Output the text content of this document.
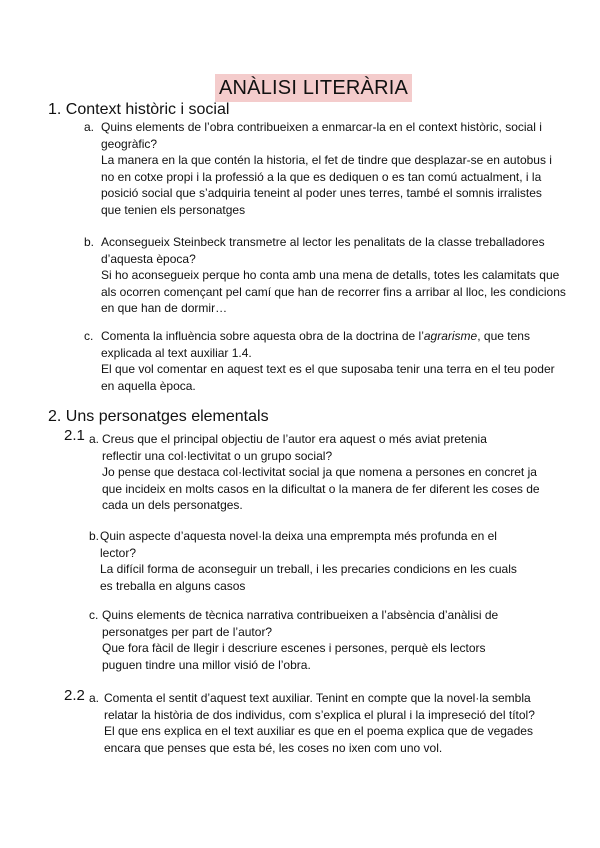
ANÀLISI LITERÀRIA
1. Context històric i social
a. Quins elements de l’obra contribueixen a enmarcar-la en el context històric, social i
geogràfic?
La manera en la que contén la historia, el fet de tindre que desplazar-se en autobus i
no en cotxe propi i la professió a la que es dediquen o es tan comú actualment, i la
posició social que s’adquiria teneint al poder unes terres, també el somnis irralistes
que tenien els personatges
b. Aconsegueix Steinbeck transmetre al lector les penalitats de la classe treballadores
d’aquesta època?
Si ho aconsegueix perque ho conta amb una mena de detalls, totes les calamitats que
als ocorren començant pel camí que han de recorrer fins a arribar al lloc, les condicions
en que han de dormir…
c. Comenta la influència sobre aquesta obra de la doctrina de l’agrarisme, que tens
explicada al text auxiliar 1.4.
El que vol comentar en aquest text es el que suposaba tenir una terra en el teu poder
en aquella època.
2. Uns personatges elementals
2.1 a. Creus que el principal objectiu de l’autor era aquest o més aviat pretenia
reflectir una col·lectivitat o un grupo social?
Jo pense que destaca col·lectivitat social ja que nomena a persones en concret ja
que incideix en molts casos en la dificultat o la manera de fer diferent les coses de
cada un dels personatges.
b. Quin aspecte d’aquesta novel·la deixa una emprempta més profunda en el
lector?
La difícil forma de aconseguir un treball, i les precaries condicions en les cuals
es treballa en alguns casos
c. Quins elements de tècnica narrativa contribueixen a l’absència d’anàlisi de
personatges per part de l’autor?
Que fora fàcil de llegir i descriure escenes i persones, perquè els lectors
puguen tindre una millor visió de l’obra.
2.2 a. Comenta el sentit d’aquest text auxiliar. Tenint en compte que la novel·la sembla
relatar la història de dos individus, com s’explica el plural i la impreseció del títol?
El que ens explica en el text auxiliar es que en el poema explica que de vegades
encara que penses que esta bé, les coses no ixen com uno vol.
